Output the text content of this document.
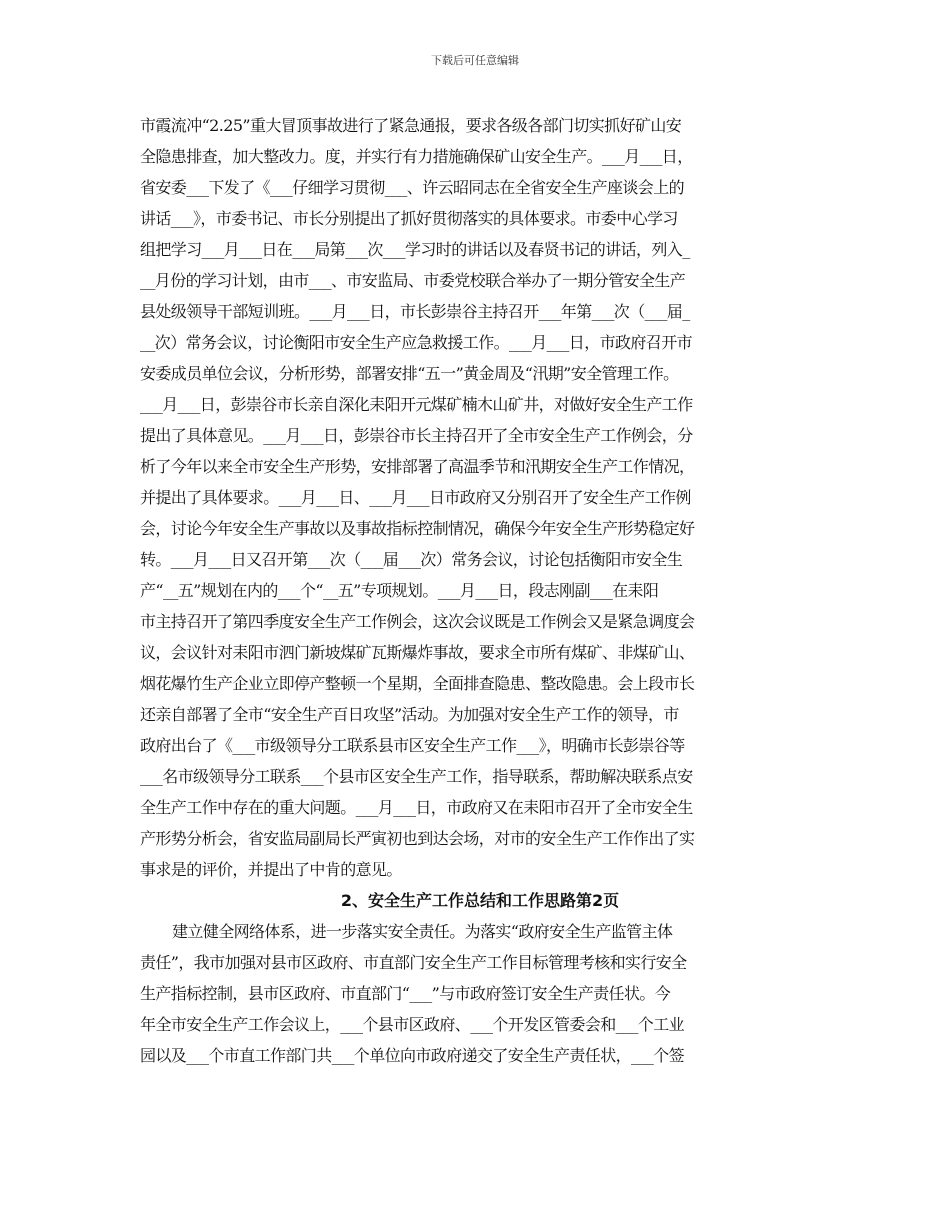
下载后可任意编辑
市霞流冲“2.25”重大冒顶事故进行了紧急通报，要求各级各部门切实抓好矿山安
全隐患排查，加大整改力。度，并实行有力措施确保矿山安全生产。___月___日，
省安委___下发了《___仔细学习贯彻___、许云昭同志在全省安全生产座谈会上的
讲话___》，市委书记、市长分别提出了抓好贯彻落实的具体要求。市委中心学习
组把学习___月___日在___局第___次___学习时的讲话以及春贤书记的讲话，列入_
__月份的学习计划，由市___、市安监局、市委党校联合举办了一期分管安全生产
县处级领导干部短训班。___月___日，市长彭崇谷主持召开___年第___次（___届_
__次）常务会议，讨论衡阳市安全生产应急救援工作。___月___日，市政府召开市
安委成员单位会议，分析形势，部署安排“五一”黄金周及“汛期”安全管理工作。
___月___日，彭崇谷市长亲自深化耒阳开元煤矿楠木山矿井，对做好安全生产工作
提出了具体意见。___月___日，彭崇谷市长主持召开了全市安全生产工作例会，分
析了今年以来全市安全生产形势，安排部署了高温季节和汛期安全生产工作情况，
并提出了具体要求。___月___日、___月___日市政府又分别召开了安全生产工作例
会，讨论今年安全生产事故以及事故指标控制情况，确保今年安全生产形势稳定好
转。___月___日又召开第___次（___届___次）常务会议，讨论包括衡阳市安全生
产“__五”规划在内的___个“__五”专项规划。___月___日，段志刚副___在耒阳
市主持召开了第四季度安全生产工作例会，这次会议既是工作例会又是紧急调度会
议，会议针对耒阳市泗门新坡煤矿瓦斯爆炸事故，要求全市所有煤矿、非煤矿山、
烟花爆竹生产企业立即停产整顿一个星期，全面排查隐患、整改隐患。会上段市长
还亲自部署了全市“安全生产百日攻坚”活动。为加强对安全生产工作的领导，市
政府出台了《___市级领导分工联系县市区安全生产工作___》，明确市长彭崇谷等
___名市级领导分工联系___个县市区安全生产工作，指导联系，帮助解决联系点安
全生产工作中存在的重大问题。___月___日，市政府又在耒阳市召开了全市安全生
产形势分析会，省安监局副局长严寅初也到达会场，对市的安全生产工作作出了实
事求是的评价，并提出了中肯的意见。
2、安全生产工作总结和工作思路第2页
建立健全网络体系，进一步落实安全责任。为落实“政府安全生产监管主体
责任”，我市加强对县市区政府、市直部门安全生产工作目标管理考核和实行安全
生产指标控制，县市区政府、市直部门“___”与市政府签订安全生产责任状。今
年全市安全生产工作会议上，___个县市区政府、___个开发区管委会和___个工业
园以及___个市直工作部门共___个单位向市政府递交了安全生产责任状，___个签
